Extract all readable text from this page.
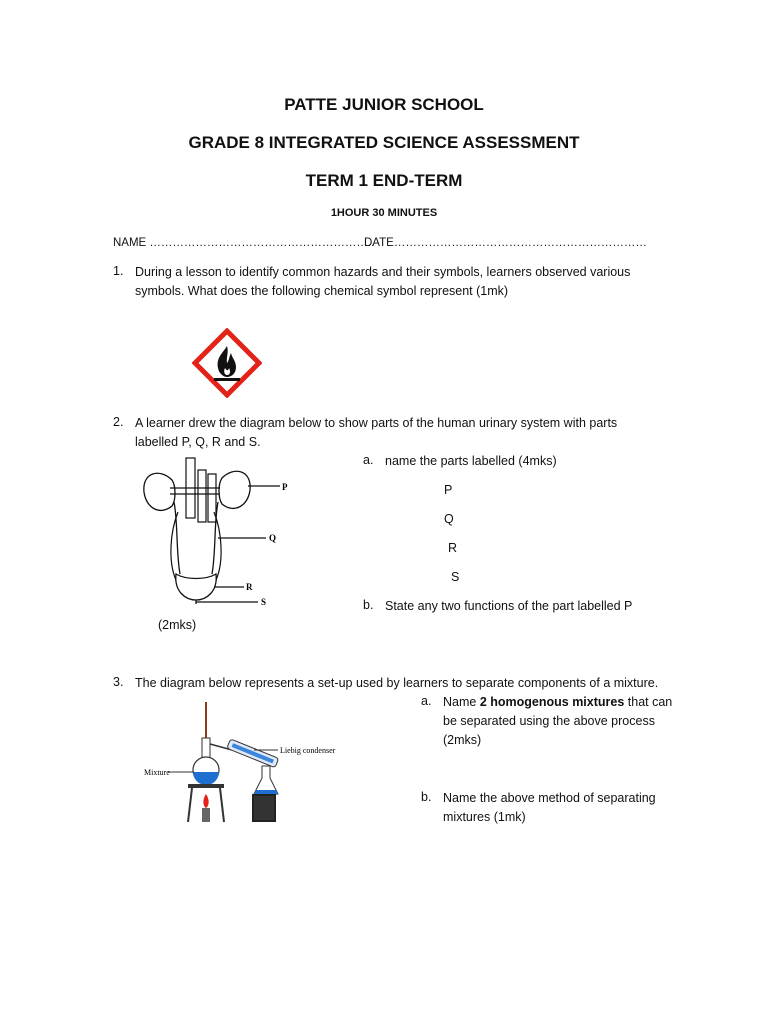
PATTE JUNIOR SCHOOL
GRADE 8 INTEGRATED SCIENCE ASSESSMENT
TERM 1 END-TERM
1HOUR 30 MINUTES
NAME …………………………………………………..
DATE…………………………………………………………
1. During a lesson to identify common hazards and their symbols, learners observed various
symbols. What does the following chemical symbol represent (1mk)
2. A learner drew the diagram below to show parts of the human urinary system with parts
labelled P, Q, R and S.
P
Q
R
S
a. name the parts labelled (4mks)
P
Q
R
S
b. State any two functions of the part labelled P
(2mks)
3. The diagram below represents a set-up used by learners to separate components of a mixture.
Liebig condenser
Mixture
a. Name 2 homogenous mixtures that can
be separated using the above process
(2mks)
b. Name the above method of separating
mixtures (1mk)
